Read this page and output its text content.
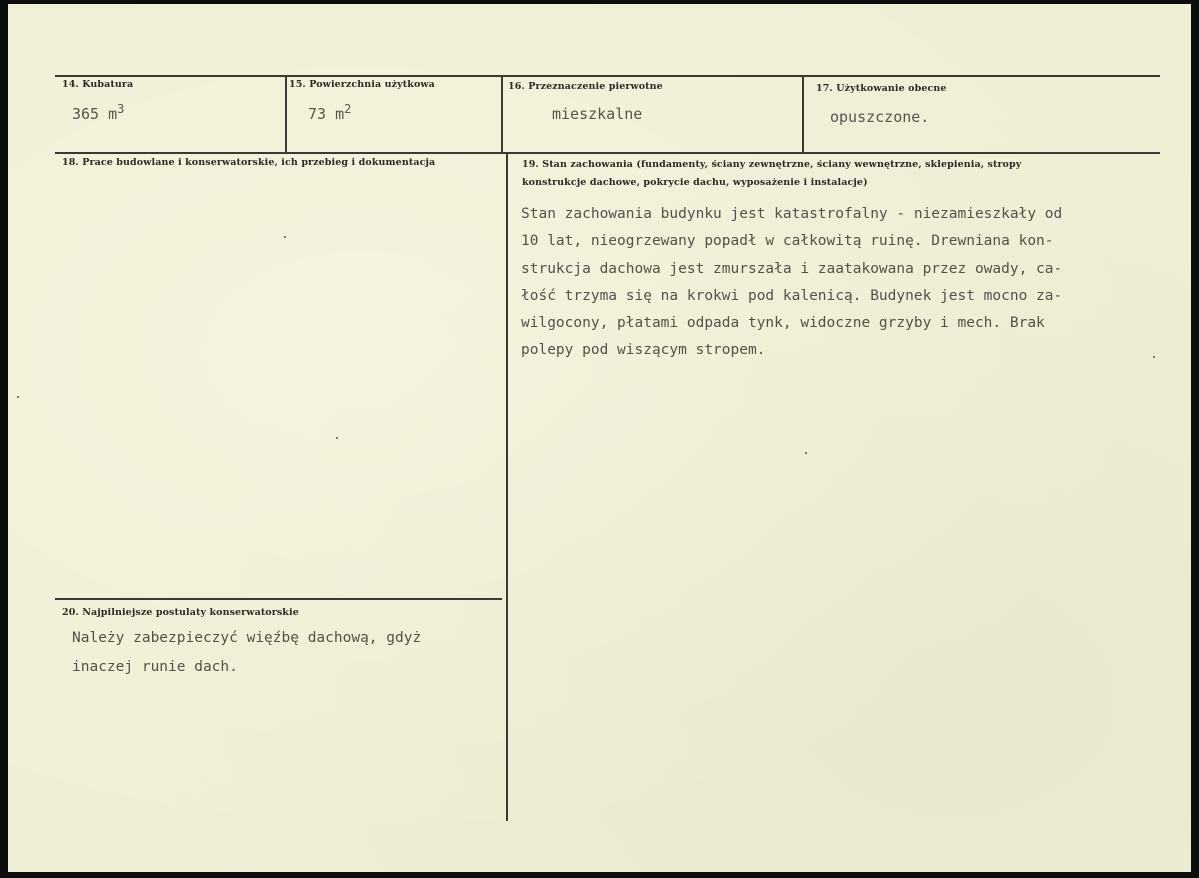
14. Kubatura
365 $m^3$
15. Powierzchnia użytkowa
73 $m^2$
16. Przeznaczenie pierwotne
mieszkalne
17. Użytkowanie obecne
opuszczone.
18. Prace budowlane i konserwatorskie, ich przebieg i dokumentacja	19. Stan zachowania (fundamenty, ściany zewnętrzne, ściany wewnętrzne, sklepienia, stropy
konstrukcje dachowe, pokrycie dachu, wyposażenie i instalacje)
Stan zachowania budynku jest katastrofalny - niezamieszkały od
10 lat, nieogrzewany popadł w całkowitą ruinę. Drewniana kon-
strukcja dachowa jest zmurszała i zaatakowana przez owady, ca-
łość trzyma się na krokwi pod kalenicą. Budynek jest mocno za-
wilgocony, płatami odpada tynk, widoczne grzyby i mech. Brak
polepy pod wiszącym stropem.
20. Najpilniejsze postulaty konserwatorskie
Należy zabezpieczyć więźbę dachową, gdyż
inaczej runie dach.
